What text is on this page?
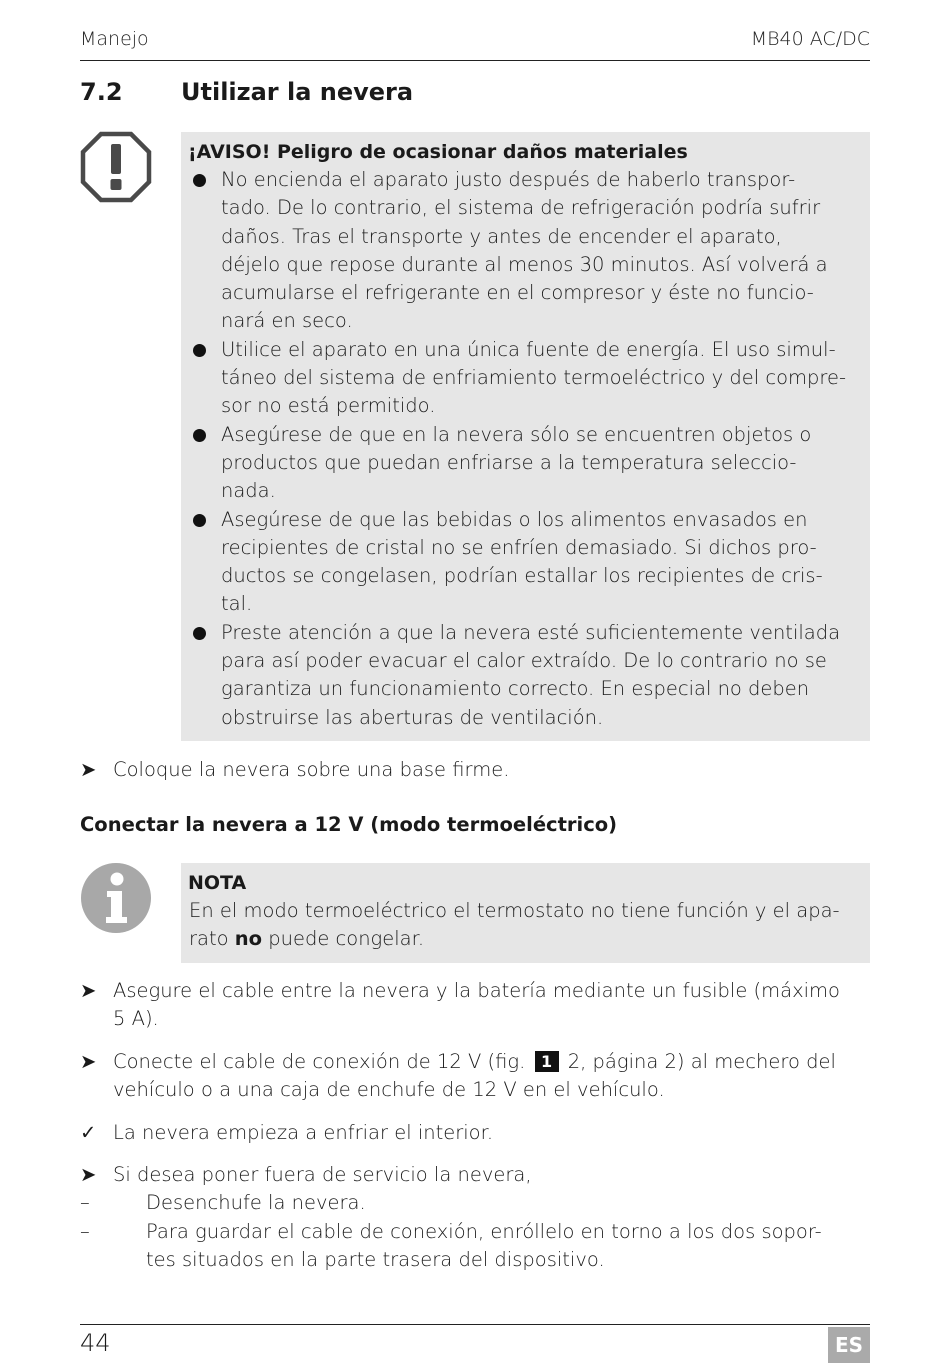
Manejo	MB40 AC/DC
7.2 Utilizar la nevera
¡AVISO! Peligro de ocasionar daños materiales
No encienda el aparato justo después de haberlo transpor-
tado. De lo contrario, el sistema de refrigeración podría sufrir
daños. Tras el transporte y antes de encender el aparato,
déjelo que repose durante al menos 30 minutos. Así volverá a
acumularse el refrigerante en el compresor y éste no funcio-
nará en seco.
Utilice el aparato en una única fuente de energía. El uso simul-
táneo del sistema de enfriamiento termoeléctrico y del compre-
sor no está permitido.
Asegúrese de que en la nevera sólo se encuentren objetos o
productos que puedan enfriarse a la temperatura seleccio-
nada.
Asegúrese de que las bebidas o los alimentos envasados en
recipientes de cristal no se enfríen demasiado. Si dichos pro-
ductos se congelasen, podrían estallar los recipientes de cris-
tal.
Preste atención a que la nevera esté suficientemente ventilada
para así poder evacuar el calor extraído. De lo contrario no se
garantiza un funcionamiento correcto. En especial no deben
obstruirse las aberturas de ventilación.
➤ Coloque la nevera sobre una base firme.
Conectar la nevera a 12 V (modo termoeléctrico)
NOTA
En el modo termoeléctrico el termostato no tiene función y el apa-
rato no puede congelar.
➤ Asegure el cable entre la nevera y la batería mediante un fusible (máximo
5 A).
➤ Conecte el cable de conexión de 12 V (fig. 1 2, página 2) al mechero del
vehículo o a una caja de enchufe de 12 V en el vehículo.
✓ La nevera empieza a enfriar el interior.
➤ Si desea poner fuera de servicio la nevera,
–	Desenchufe la nevera.
–	Para guardar el cable de conexión, enróllelo en torno a los dos sopor-
tes situados en la parte trasera del dispositivo.
44	ES
